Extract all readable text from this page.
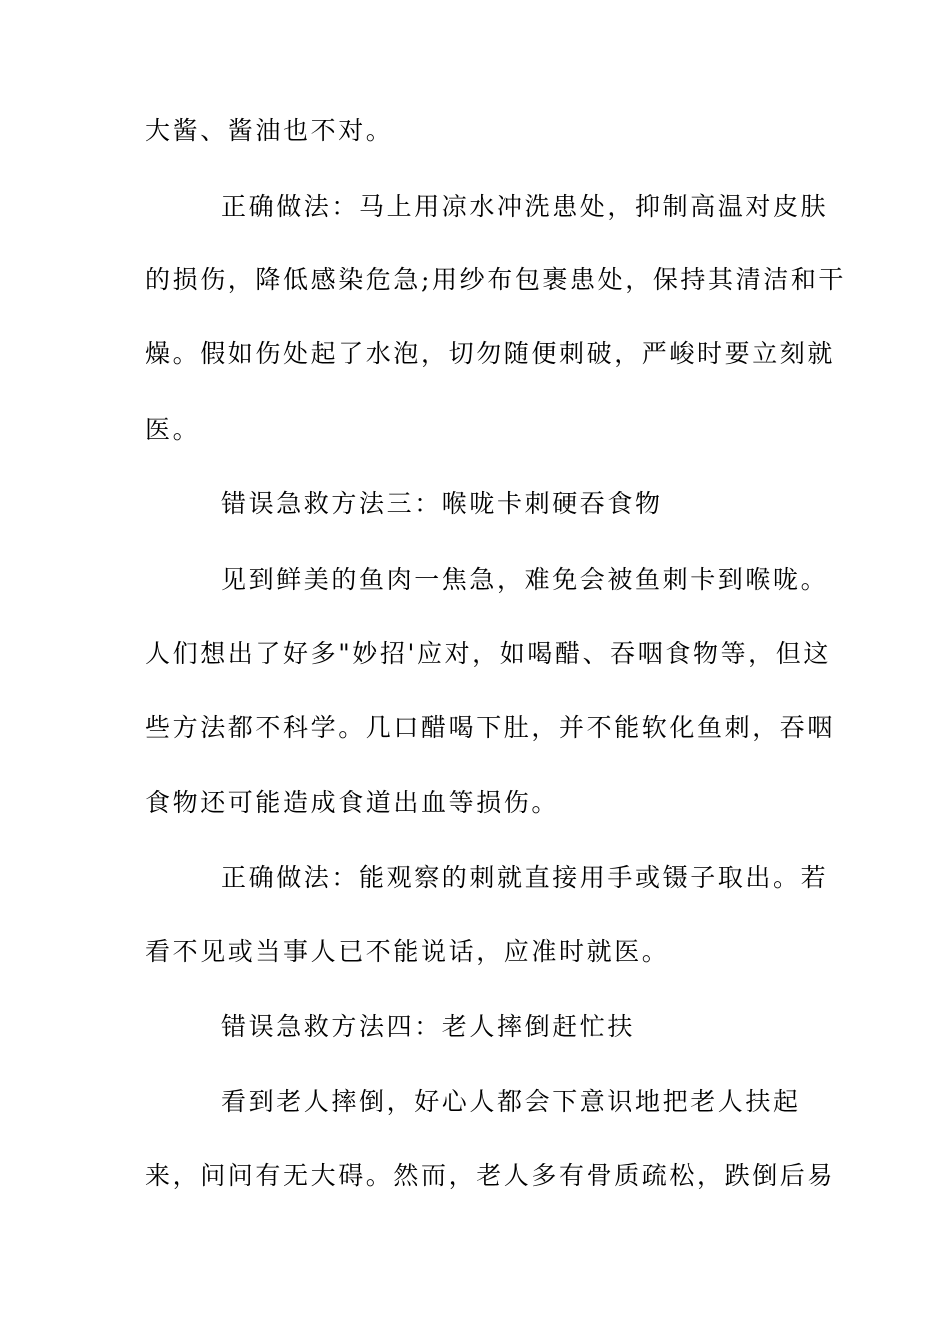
大酱、酱油也不对。
正确做法：马上用凉水冲洗患处，抑制高温对皮肤
的损伤，降低感染危急;用纱布包裹患处，保持其清洁和干
燥。假如伤处起了水泡，切勿随便刺破，严峻时要立刻就
医。
错误急救方法三：喉咙卡刺硬吞食物
见到鲜美的鱼肉一焦急，难免会被鱼刺卡到喉咙。
人们想出了好多"妙招'应对，如喝醋、吞咽食物等，但这
些方法都不科学。几口醋喝下肚，并不能软化鱼刺，吞咽
食物还可能造成食道出血等损伤。
正确做法：能观察的刺就直接用手或镊子取出。若
看不见或当事人已不能说话，应准时就医。
错误急救方法四：老人摔倒赶忙扶
看到老人摔倒，好心人都会下意识地把老人扶起
来，问问有无大碍。然而，老人多有骨质疏松，跌倒后易
